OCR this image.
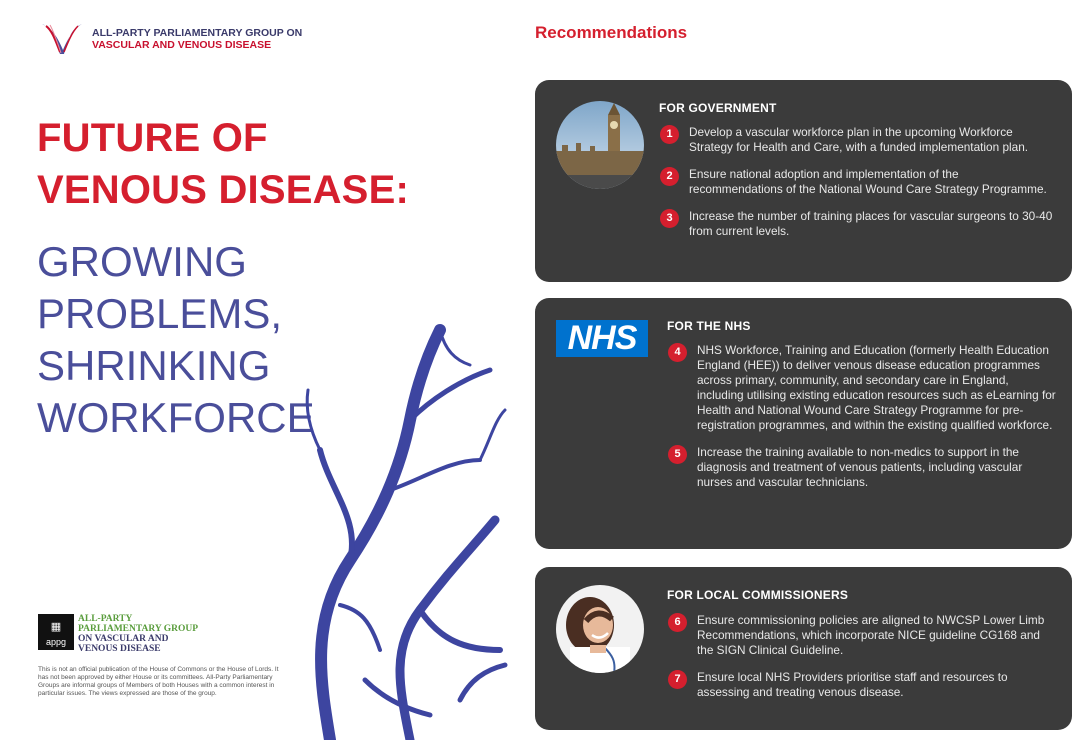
ALL-PARTY PARLIAMENTARY GROUP ON
VASCULAR AND VENOUS DISEASE
FUTURE OF
VENOUS DISEASE:
GROWING
PROBLEMS,
SHRINKING
WORKFORCE
▦
appg
ALL-PARTY
PARLIAMENTARY GROUP
ON VASCULAR AND
VENOUS DISEASE
This is not an official publication of the House of Commons or the House of Lords. It has not been approved by either House or its committees. All-Party Parliamentary Groups are informal groups of Members of both Houses with a common interest in particular issues. The views expressed are those of the group.
Recommendations
FOR GOVERNMENT
1	Develop a vascular workforce plan in the upcoming Workforce Strategy for Health and Care, with a funded implementation plan.
2	Ensure national adoption and implementation of the recommendations of the National Wound Care Strategy Programme.
3	Increase the number of training places for vascular surgeons to 30-40 from current levels.
NHS	FOR THE NHS
4	NHS Workforce, Training and Education (formerly Health Education England (HEE)) to deliver venous disease education programmes across primary, community, and secondary care in England, including utilising existing education resources such as eLearning for Health and National Wound Care Strategy Programme for pre-registration programmes, and within the existing qualified workforce.
5	Increase the training available to non-medics to support in the diagnosis and treatment of venous patients, including vascular nurses and vascular technicians.
FOR LOCAL COMMISSIONERS
6	Ensure commissioning policies are aligned to NWCSP Lower Limb Recommendations, which incorporate NICE guideline CG168 and the SIGN Clinical Guideline.
7	Ensure local NHS Providers prioritise staff and resources to assessing and treating venous disease.
